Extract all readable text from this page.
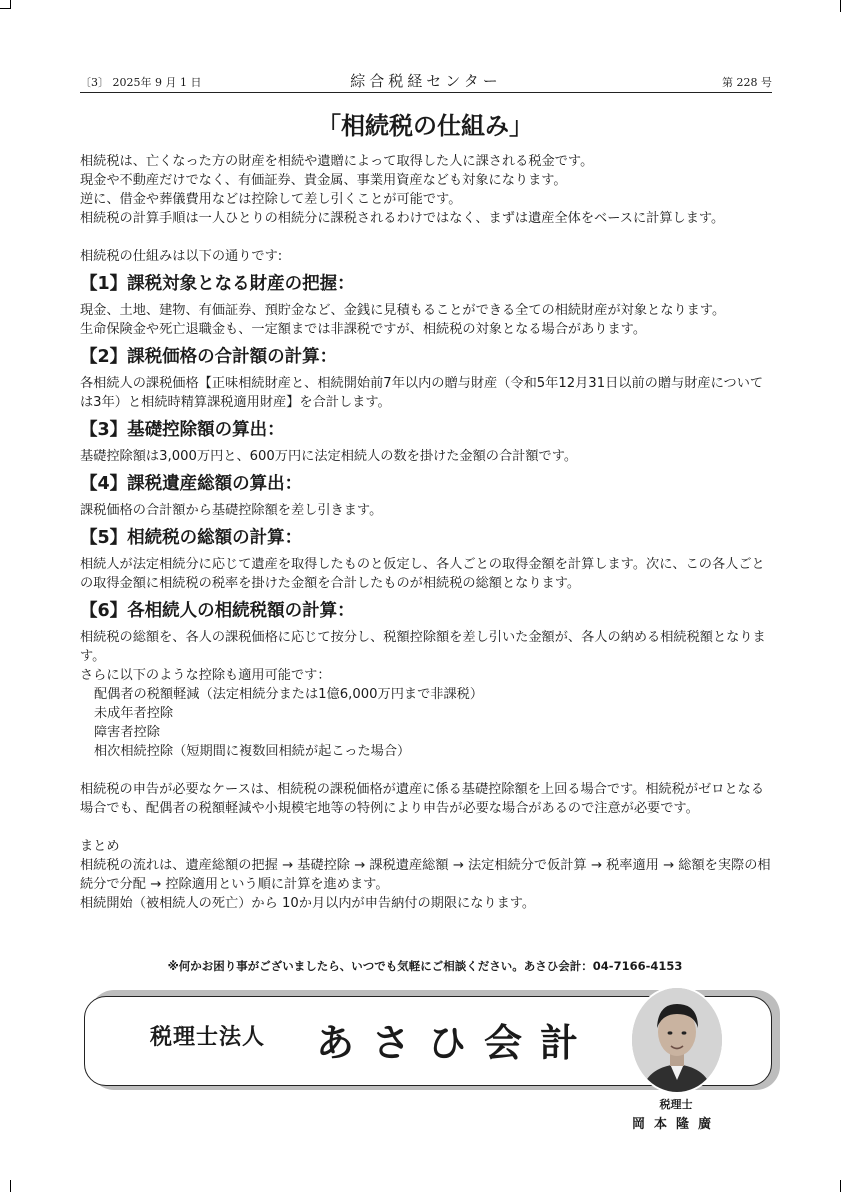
〔3〕 2025年 9 月 1 日	綜合税経センター	第 228 号
「相続税の仕組み」

相続税は、亡くなった方の財産を相続や遺贈によって取得した人に課される税金です。

現金や不動産だけでなく、有価証券、貴金属、事業用資産なども対象になります。

逆に、借金や葬儀費用などは控除して差し引くことが可能です。

相続税の計算手順は一人ひとりの相続分に課税されるわけではなく、まずは遺産全体をベースに計算します。

相続税の仕組みは以下の通りです:

【1】課税対象となる財産の把握：

現金、土地、建物、有価証券、預貯金など、金銭に見積もることができる全ての相続財産が対象となります。

生命保険金や死亡退職金も、一定額までは非課税ですが、相続税の対象となる場合があります。

【2】課税価格の合計額の計算：

各相続人の課税価格【正味相続財産と、相続開始前7年以内の贈与財産（令和5年12月31日以前の贈与財産については3年）と相続時精算課税適用財産】を合計します。

【3】基礎控除額の算出：

基礎控除額は3,000万円と、600万円に法定相続人の数を掛けた金額の合計額です。

【4】課税遺産総額の算出：

課税価格の合計額から基礎控除額を差し引きます。

【5】相続税の総額の計算：

相続人が法定相続分に応じて遺産を取得したものと仮定し、各人ごとの取得金額を計算します。次に、この各人ごとの取得金額に相続税の税率を掛けた金額を合計したものが相続税の総額となります。

【6】各相続人の相続税額の計算：

相続税の総額を、各人の課税価格に応じて按分し、税額控除額を差し引いた金額が、各人の納める相続税額となります。

さらに以下のような控除も適用可能です：

配偶者の税額軽減（法定相続分または1億6,000万円まで非課税）

未成年者控除

障害者控除

相次相続控除（短期間に複数回相続が起こった場合）

相続税の申告が必要なケースは、相続税の課税価格が遺産に係る基礎控除額を上回る場合です。相続税がゼロとなる場合でも、配偶者の税額軽減や小規模宅地等の特例により申告が必要な場合があるので注意が必要です。

まとめ

相続税の流れは、遺産総額の把握 → 基礎控除 → 課税遺産総額 → 法定相続分で仮計算 → 税率適用 → 総額を実際の相続分で分配 → 控除適用という順に計算を進めます。

相続開始（被相続人の死亡）から 10か月以内が申告納付の期限になります。

※何かお困り事がございましたら、いつでも気軽にご相談ください。あさひ会計：04-7166-4153
税理士法人 あさひ会計
税理士
岡本隆廣
